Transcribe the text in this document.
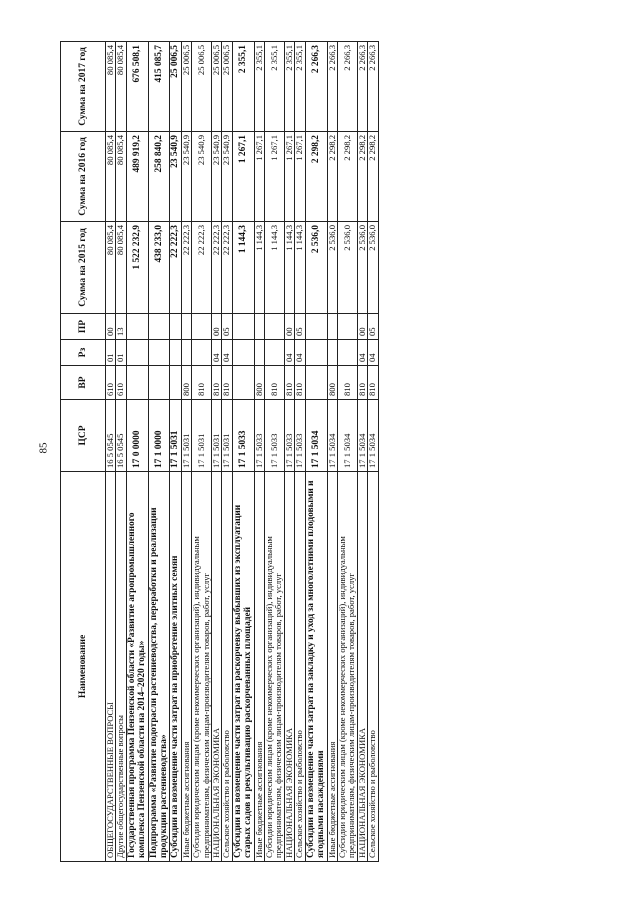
85
Наименование	ЦСР	ВР	Рз	ПР	Сумма на 2015 год	Сумма на 2016 год	Сумма на 2017 год
ОБЩЕГОСУДАРСТВЕННЫЕ ВОПРОСЫ	16 5 0545	610	01	00	80 085,4	80 085,4	80 085,4
Другие общегосударственные вопросы	16 5 0545	610	01	13	80 085,4	80 085,4	80 085,4
Государственная программа Пензенской области «Развитие агропромышленного комплекса Пензенской области на 2014–2020 годы»	17 0 0000				1 522 232,9	489 919,2	676 508,1
Подпрограмма «Развитие подотрасли растениеводства, переработки и реализации продукции растениеводства»	17 1 0000				438 233,0	258 840,2	415 085,7
Субсидии на возмещение части затрат на приобретение элитных семян	17 1 5031				22 222,3	23 540,9	25 006,5
Иные бюджетные ассигнования	17 1 5031	800			22 222,3	23 540,9	25 006,5
Субсидии юридическим лицам (кроме некоммерческих организаций), индивидуальным предпринимателям, физическим лицам-производителям товаров, работ, услуг	17 1 5031	810			22 222,3	23 540,9	25 006,5
НАЦИОНАЛЬНАЯ ЭКОНОМИКА	17 1 5031	810	04	00	22 222,3	23 540,9	25 006,5
Сельское хозяйство и рыболовство	17 1 5031	810	04	05	22 222,3	23 540,9	25 006,5
Субсидии на возмещение части затрат на раскорчевку выбывших из эксплуатации старых садов и рекультивацию раскорчеванных площадей	17 1 5033				1 144,3	1 267,1	2 355,1
Иные бюджетные ассигнования	17 1 5033	800			1 144,3	1 267,1	2 355,1
Субсидии юридическим лицам (кроме некоммерческих организаций), индивидуальным предпринимателям, физическим лицам-производителям товаров, работ, услуг	17 1 5033	810			1 144,3	1 267,1	2 355,1
НАЦИОНАЛЬНАЯ ЭКОНОМИКА	17 1 5033	810	04	00	1 144,3	1 267,1	2 355,1
Сельское хозяйство и рыболовство	17 1 5033	810	04	05	1 144,3	1 267,1	2 355,1
Субсидии на возмещение части затрат на закладку и уход за многолетними плодовыми и ягодными насаждениями	17 1 5034				2 536,0	2 298,2	2 266,3
Иные бюджетные ассигнования	17 1 5034	800			2 536,0	2 298,2	2 266,3
Субсидии юридическим лицам (кроме некоммерческих организаций), индивидуальным предпринимателям, физическим лицам-производителям товаров, работ, услуг	17 1 5034	810			2 536,0	2 298,2	2 266,3
НАЦИОНАЛЬНАЯ ЭКОНОМИКА	17 1 5034	810	04	00	2 536,0	2 298,2	2 266,3
Сельское хозяйство и рыболовство	17 1 5034	810	04	05	2 536,0	2 298,2	2 266,3
